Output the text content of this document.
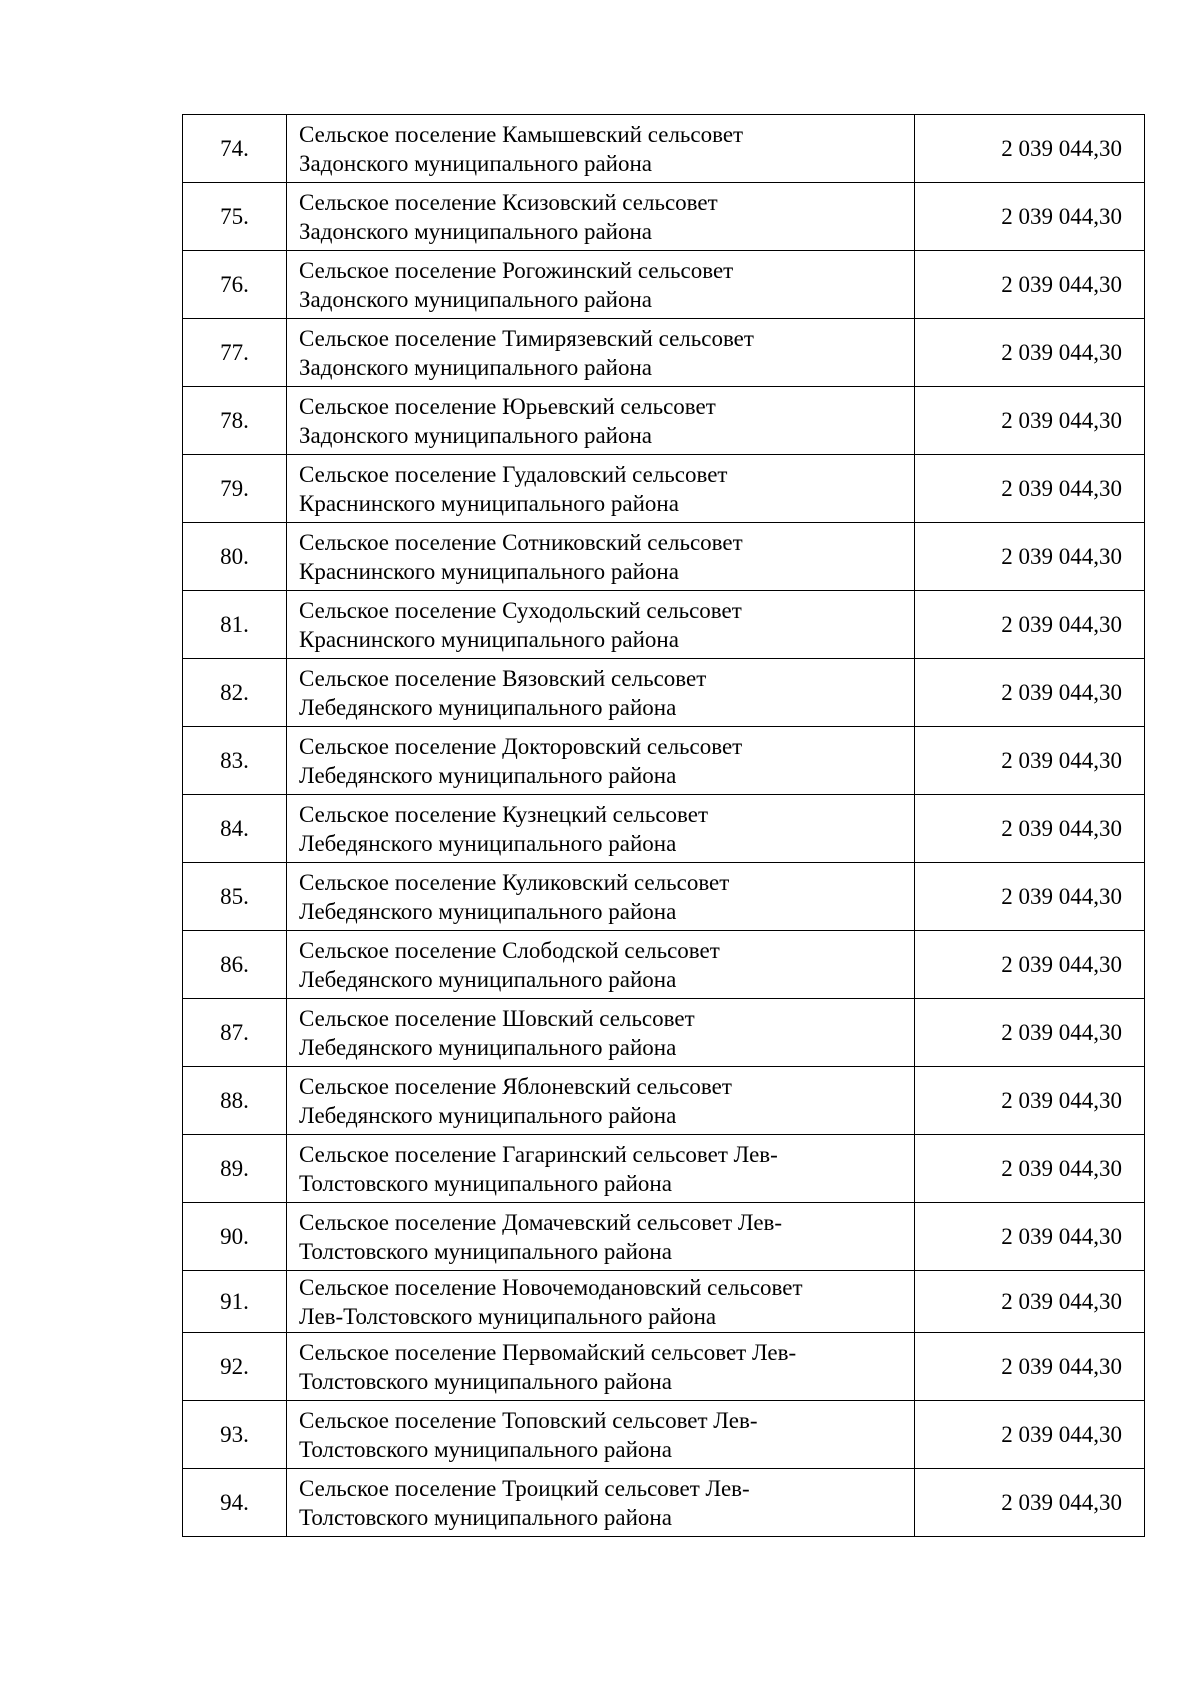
74.	Сельское поселение Камышевский сельсовет
Задонского муниципального района	2 039 044,30
75.	Сельское поселение Ксизовский сельсовет
Задонского муниципального района	2 039 044,30
76.	Сельское поселение Рогожинский сельсовет
Задонского муниципального района	2 039 044,30
77.	Сельское поселение Тимирязевский сельсовет
Задонского муниципального района	2 039 044,30
78.	Сельское поселение Юрьевский сельсовет
Задонского муниципального района	2 039 044,30
79.	Сельское поселение Гудаловский сельсовет
Краснинского муниципального района	2 039 044,30
80.	Сельское поселение Сотниковский сельсовет
Краснинского муниципального района	2 039 044,30
81.	Сельское поселение Суходольский сельсовет
Краснинского муниципального района	2 039 044,30
82.	Сельское поселение Вязовский сельсовет
Лебедянского муниципального района	2 039 044,30
83.	Сельское поселение Докторовский сельсовет
Лебедянского муниципального района	2 039 044,30
84.	Сельское поселение Кузнецкий сельсовет
Лебедянского муниципального района	2 039 044,30
85.	Сельское поселение Куликовский сельсовет
Лебедянского муниципального района	2 039 044,30
86.	Сельское поселение Слободской сельсовет
Лебедянского муниципального района	2 039 044,30
87.	Сельское поселение Шовский сельсовет
Лебедянского муниципального района	2 039 044,30
88.	Сельское поселение Яблоневский сельсовет
Лебедянского муниципального района	2 039 044,30
89.	Сельское поселение Гагаринский сельсовет Лев-
Толстовского муниципального района	2 039 044,30
90.	Сельское поселение Домачевский сельсовет Лев-
Толстовского муниципального района	2 039 044,30
91.	Сельское поселение Новочемодановский сельсовет
Лев-Толстовского муниципального района	2 039 044,30
92.	Сельское поселение Первомайский сельсовет Лев-
Толстовского муниципального района	2 039 044,30
93.	Сельское поселение Топовский сельсовет Лев-
Толстовского муниципального района	2 039 044,30
94.	Сельское поселение Троицкий сельсовет Лев-
Толстовского муниципального района	2 039 044,30
